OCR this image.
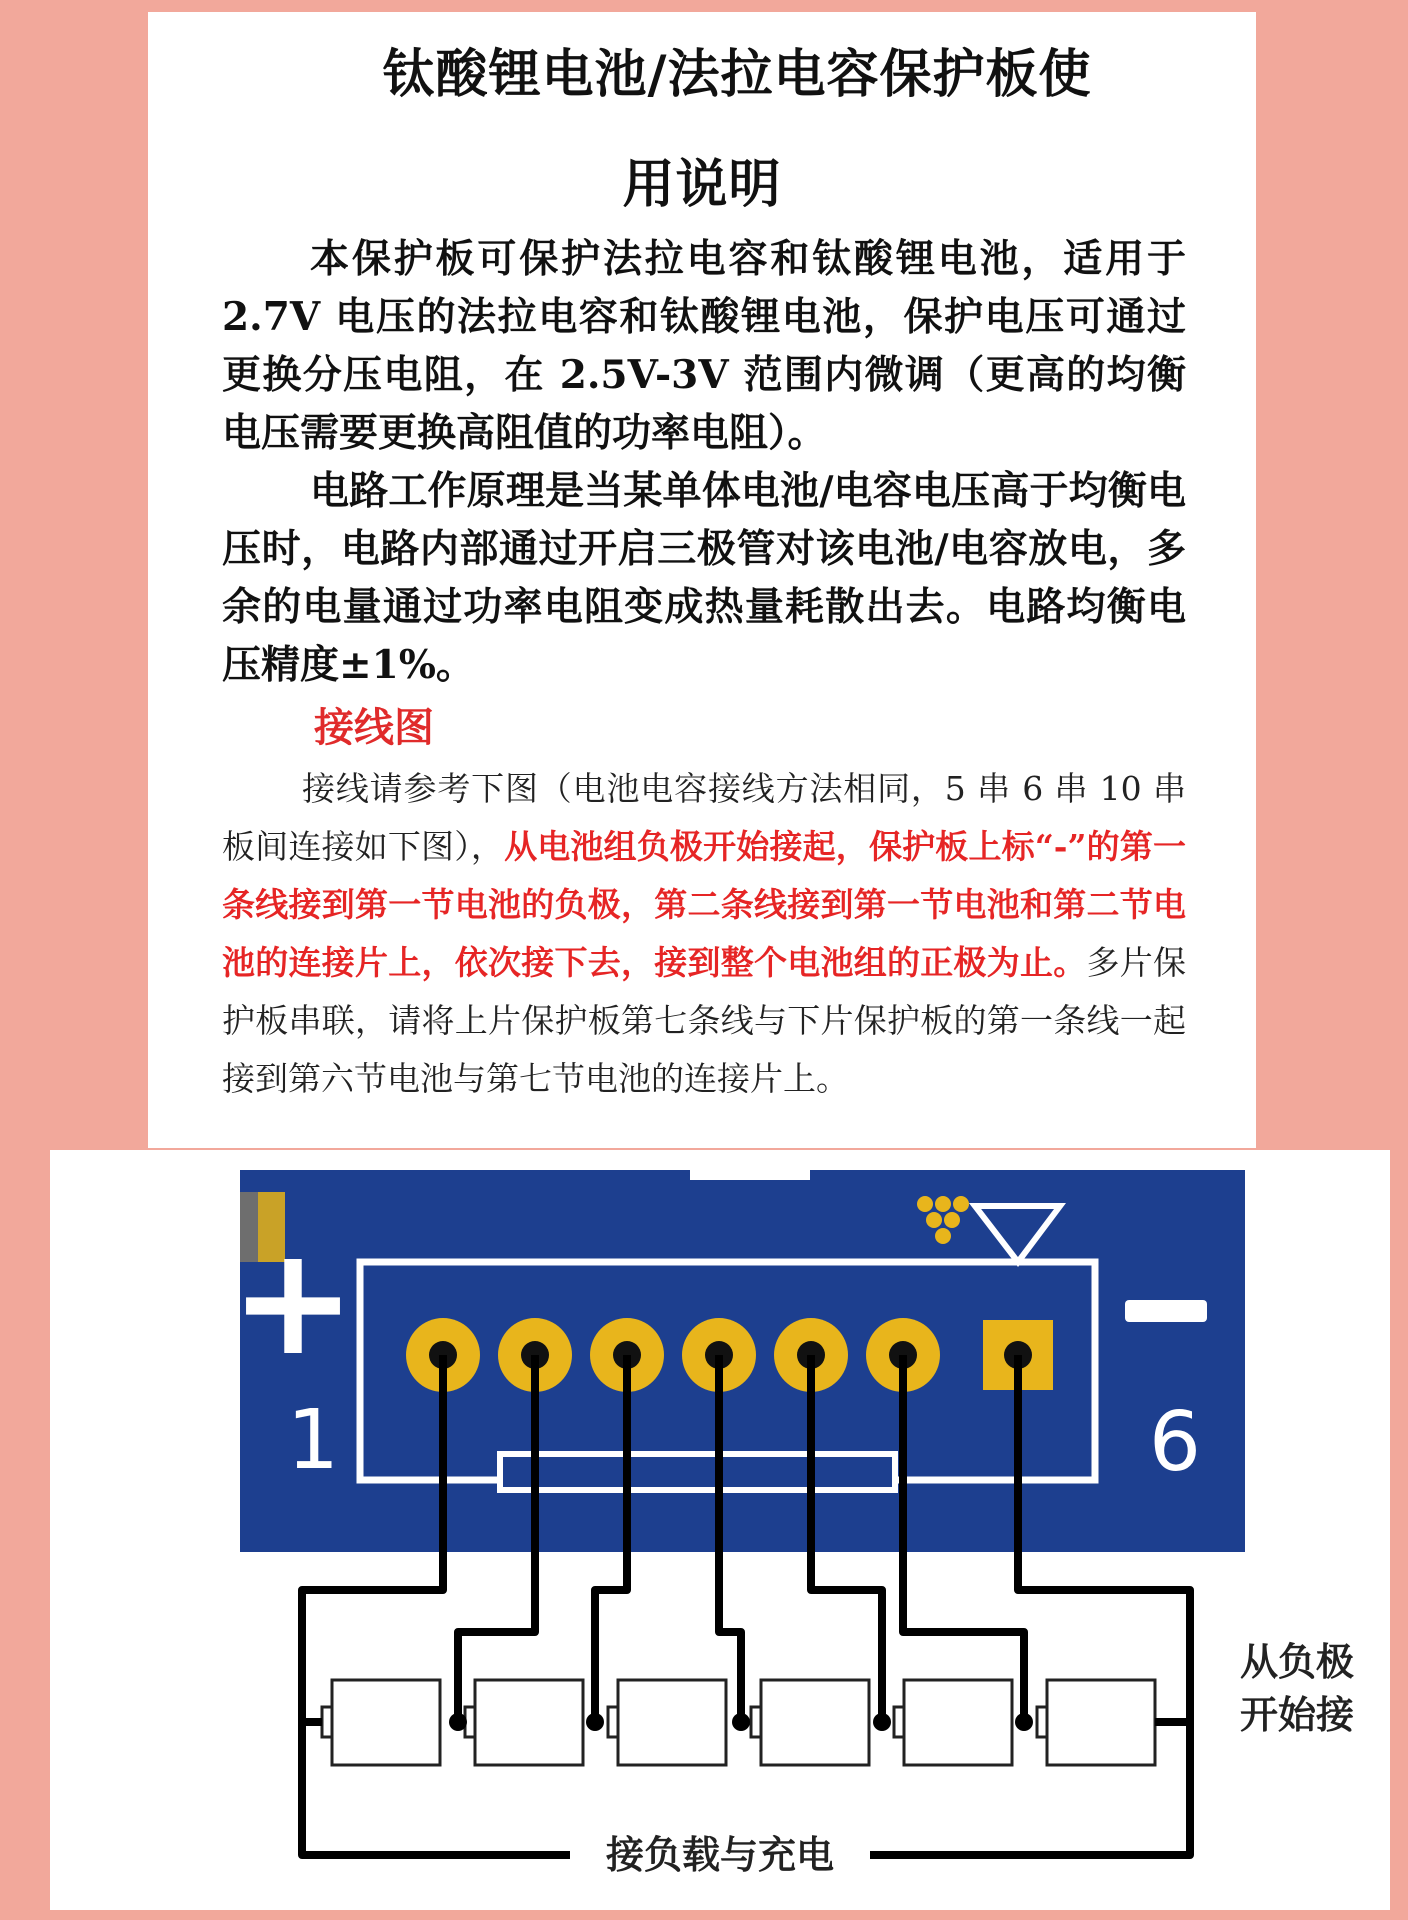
钛酸锂电池/法拉电容保护板使
用说明
本保护板可保护法拉电容和钛酸锂电池，适用于 2.7V 电压的法拉电容和钛酸锂电池，保护电压可通过更换分压电阻，在 2.5V-3V 范围内微调（更高的均衡电压需要更换高阻值的功率电阻）。
电路工作原理是当某单体电池/电容电压高于均衡电压时，电路内部通过开启三极管对该电池/电容放电，多余的电量通过功率电阻变成热量耗散出去。电路均衡电压精度±1%。
接线图
接线请参考下图（电池电容接线方法相同，5 串 6 串 10 串板间连接如下图），从电池组负极开始接起，保护板上标“-”的第一条线接到第一节电池的负极，第二条线接到第一节电池和第二节电池的连接片上，依次接下去，接到整个电池组的正极为止。多片保护板串联，请将上片保护板第七条线与下片保护板的第一条线一起接到第六节电池与第七节电池的连接片上。
+
1	6
从负极
开始接
接负载与充电
